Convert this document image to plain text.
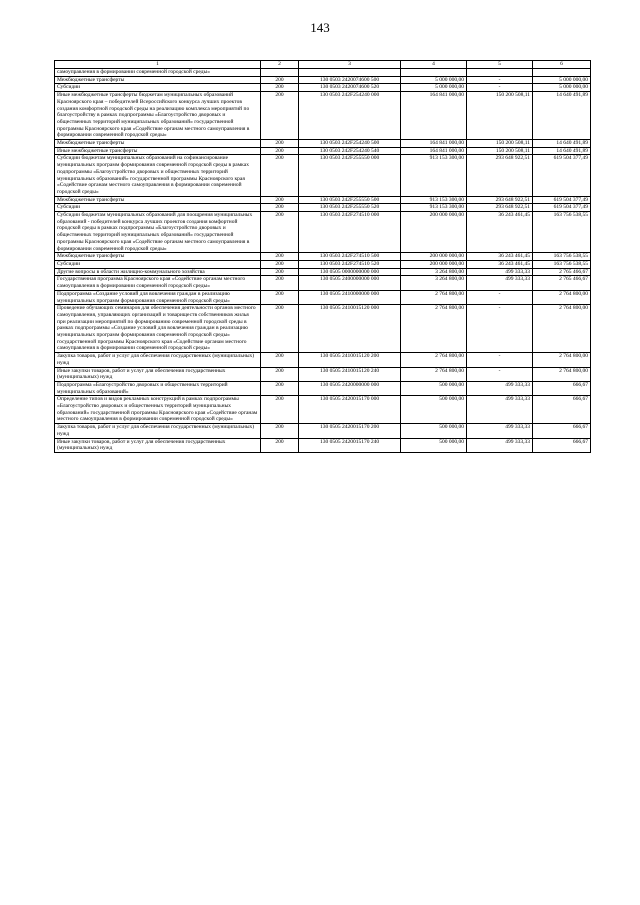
143
1	2	3	4	5	6
самоуправления в формировании современной городской среды»					
Межбюджетные трансферты	200	130 0503 2420074600 500	5 000 000,00	-	5 000 000,00
Субсидии	200	130 0503 2420074600 520	5 000 000,00	-	5 000 000,00
Иные межбюджетные трансферты бюджетам муниципальных образований Красноярского края – победителей Всероссийского конкурса лучших проектов создания комфортной городской среды на реализацию комплекса мероприятий по благоустройству в рамках подпрограммы «Благоустройство дворовых и общественных территорий муниципальных образований» государственной программы Красноярского края «Содействие органам местного самоуправления в формировании современной городской среды»	200	130 0503 242F254240 000	164 841 000,00	150 200 508,11	14 640 491,89
Межбюджетные трансферты	200	130 0503 242F254240 500	164 841 000,00	150 200 508,11	14 640 491,89
Иные межбюджетные трансферты	200	130 0503 242F254240 540	164 841 000,00	150 200 508,11	14 640 491,89
Субсидии бюджетам муниципальных образований на софинансирование муниципальных программ формирования современной городской среды в рамках подпрограммы «Благоустройство дворовых и общественных территорий муниципальных образований» государственной программы Красноярского края «Содействие органам местного самоуправления в формировании современной городской среды»	200	130 0503 242F255550 000	913 153 300,00	293 648 922,51	619 504 377,49
Межбюджетные трансферты	200	130 0503 242F255550 500	913 153 300,00	293 648 922,51	619 504 377,49
Субсидии	200	130 0503 242F255550 520	913 153 300,00	293 648 922,51	619 504 377,49
Субсидии бюджетам муниципальных образований для поощрения муниципальных образований - победителей конкурса лучших проектов создания комфортной городской среды в рамках подпрограммы «Благоустройство дворовых и общественных территорий муниципальных образований» государственной программы Красноярского края «Содействие органам местного самоуправления в формировании современной городской среды»	200	130 0503 242F274510 000	200 000 000,00	36 243 461,45	163 756 538,55
Межбюджетные трансферты	200	130 0503 242F274510 500	200 000 000,00	36 243 461,45	163 756 538,55
Субсидии	200	130 0503 242F274510 520	200 000 000,00	36 243 461,45	163 756 538,55
Другие вопросы в области жилищно-коммунального хозяйства	200	130 0505 0000000000 000	3 264 800,00	499 333,33	2 765 466,67
Государственная программа Красноярского края «Содействие органам местного самоуправления в формировании современной городской среды»	200	130 0505 2400000000 000	3 264 800,00	499 333,33	2 765 466,67
Подпрограмма «Создание условий для вовлечения граждан в реализацию муниципальных программ формирования современной городской среды»	200	130 0505 2410000000 000	2 764 800,00	-	2 764 800,00
Проведение обучающих семинаров для обеспечения деятельности органов местного самоуправления, управляющих организаций и товариществ собственников жилья при реализации мероприятий по формированию современной городской среды в рамках подпрограммы «Создание условий для вовлечения граждан в реализацию муниципальных программ формирования современной городской среды» государственной программы Красноярского края «Содействие органам местного самоуправления в формировании современной городской среды»	200	130 0505 2410015120 000	2 764 800,00	-	2 764 800,00
Закупка товаров, работ и услуг для обеспечения государственных (муниципальных) нужд	200	130 0505 2410015120 200	2 764 800,00	-	2 764 800,00
Иные закупки товаров, работ и услуг для обеспечения государственных (муниципальных) нужд	200	130 0505 2410015120 240	2 764 800,00	-	2 764 800,00
Подпрограмма «Благоустройство дворовых и общественных территорий муниципальных образований»	200	130 0505 2420000000 000	500 000,00	499 333,33	666,67
Определение типов и видов рекламных конструкций в рамках подпрограммы «Благоустройство дворовых и общественных территорий муниципальных образований» государственной программы Красноярского края «Содействие органам местного самоуправления в формировании современной городской среды»	200	130 0505 2420015170 000	500 000,00	499 333,33	666,67
Закупка товаров, работ и услуг для обеспечения государственных (муниципальных) нужд	200	130 0505 2420015170 200	500 000,00	499 333,33	666,67
Иные закупки товаров, работ и услуг для обеспечения государственных (муниципальных) нужд	200	130 0505 2420015170 240	500 000,00	499 333,33	666,67
